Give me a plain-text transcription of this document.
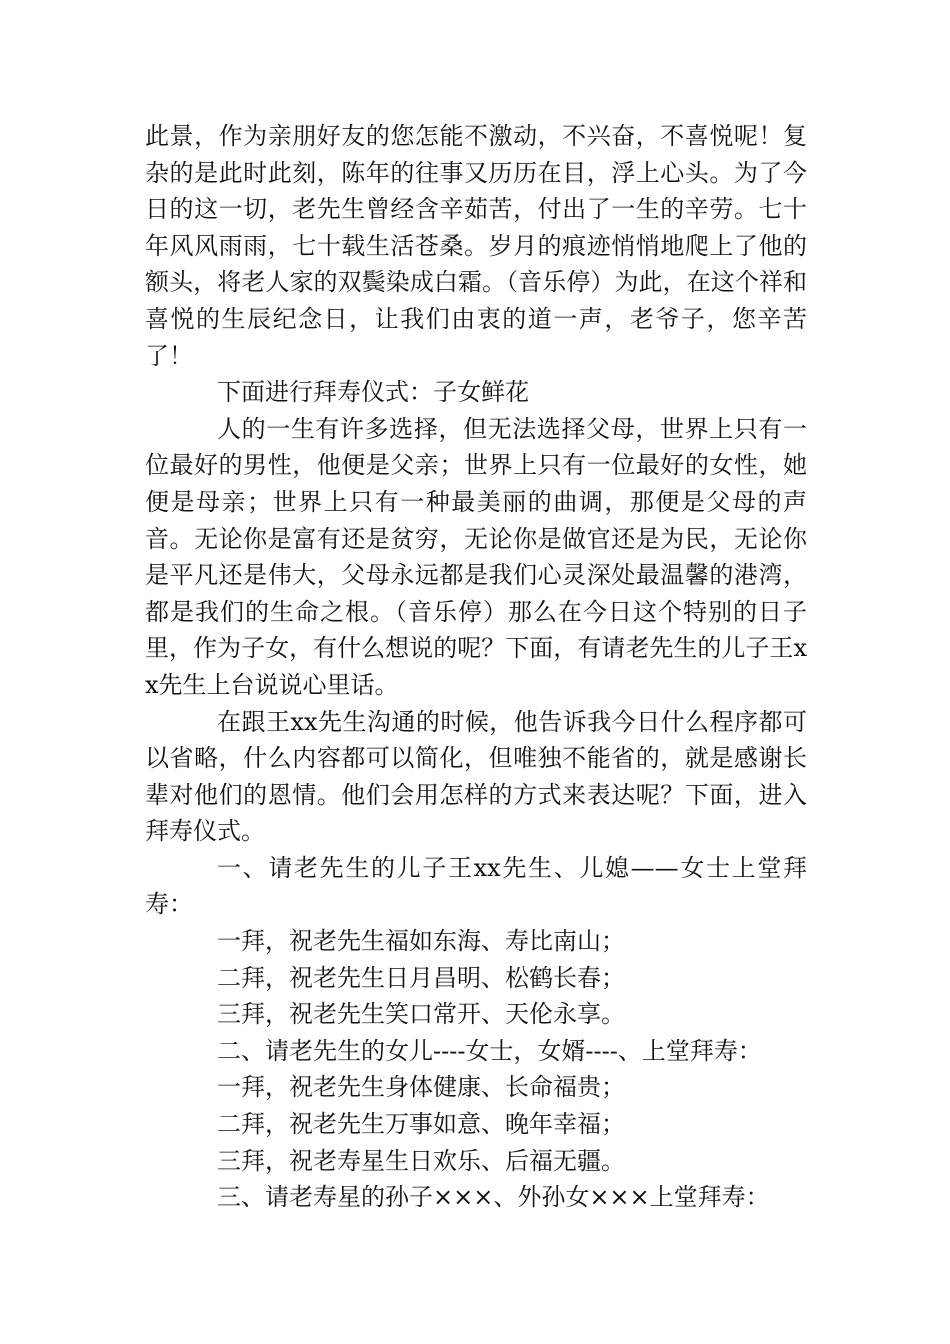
此景，作为亲朋好友的您怎能不激动，不兴奋，不喜悦呢！复杂的是此时此刻，陈年的往事又历历在目，浮上心头。为了今日的这一切，老先生曾经含辛茹苦，付出了一生的辛劳。七十年风风雨雨，七十载生活苍桑。岁月的痕迹悄悄地爬上了他的额头，将老人家的双鬓染成白霜。（音乐停）为此，在这个祥和喜悦的生辰纪念日，让我们由衷的道一声，老爷子，您辛苦了！

下面进行拜寿仪式：子女鲜花

人的一生有许多选择，但无法选择父母，世界上只有一位最好的男性，他便是父亲；世界上只有一位最好的女性，她便是母亲；世界上只有一种最美丽的曲调，那便是父母的声音。无论你是富有还是贫穷，无论你是做官还是为民，无论你是平凡还是伟大，父母永远都是我们心灵深处最温馨的港湾，都是我们的生命之根。（音乐停）那么在今日这个特别的日子里，作为子女，有什么想说的呢？下面，有请老先生的儿子王xx先生上台说说心里话。

在跟王xx先生沟通的时候，他告诉我今日什么程序都可以省略，什么内容都可以简化，但唯独不能省的，就是感谢长辈对他们的恩情。他们会用怎样的方式来表达呢？下面，进入拜寿仪式。

一、请老先生的儿子王xx先生、儿媳——女士上堂拜寿：

一拜，祝老先生福如东海、寿比南山；

二拜，祝老先生日月昌明、松鹤长春；

三拜，祝老先生笑口常开、天伦永享。

二、请老先生的女儿----女士，女婿----、上堂拜寿：

一拜，祝老先生身体健康、长命福贵；

二拜，祝老先生万事如意、晚年幸福；

三拜，祝老寿星生日欢乐、后福无疆。

三、请老寿星的孙子×××、外孙女×××上堂拜寿：
